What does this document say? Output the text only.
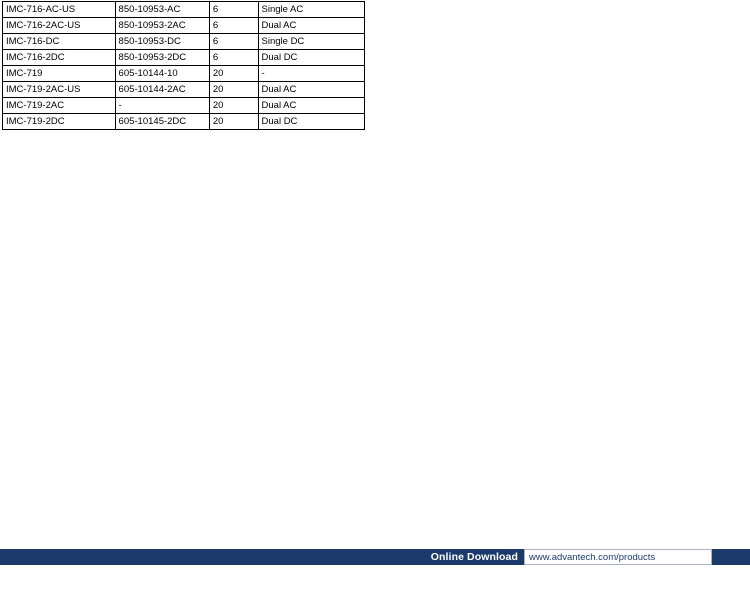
IMC-716-AC-US	850-10953-AC	6	Single AC
IMC-716-2AC-US	850-10953-2AC	6	Dual AC
IMC-716-DC	850-10953-DC	6	Single DC
IMC-716-2DC	850-10953-2DC	6	Dual DC
IMC-719	605-10144-10	20	-
IMC-719-2AC-US	605-10144-2AC	20	Dual AC
IMC-719-2AC	-	20	Dual AC
IMC-719-2DC	605-10145-2DC	20	Dual DC
Online Download	www.advantech.com/products
